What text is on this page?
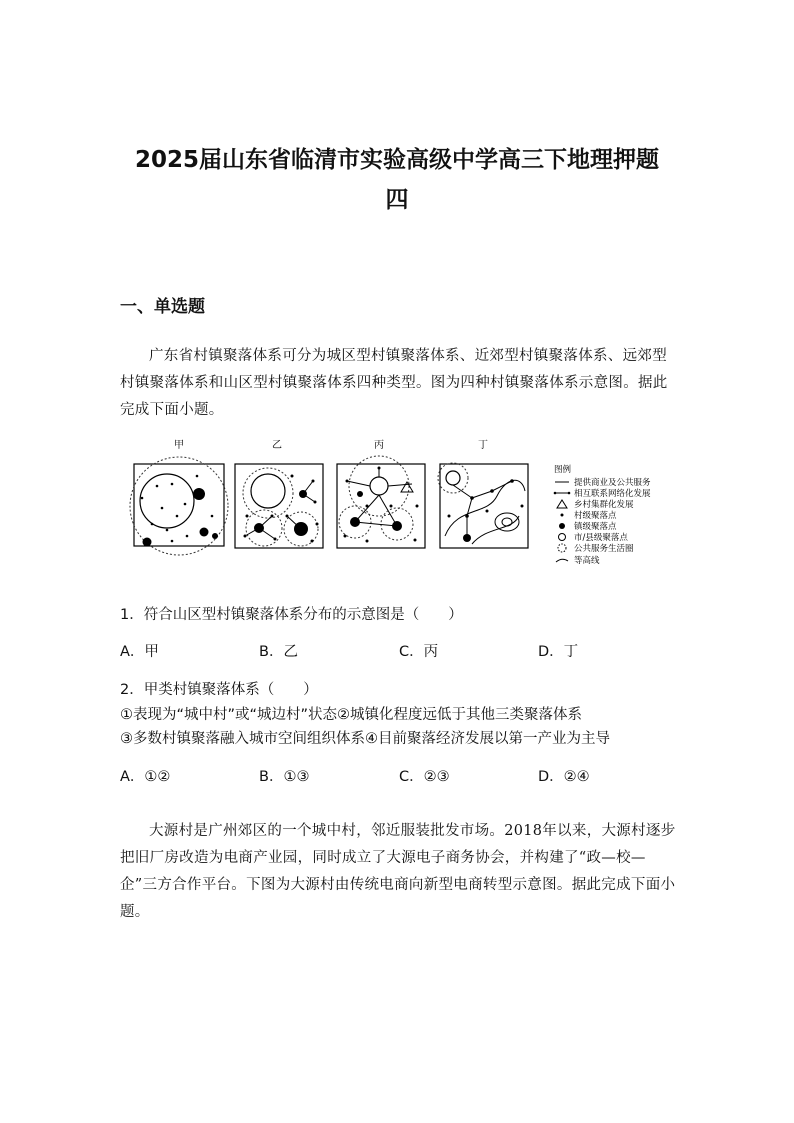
2025届山东省临清市实验高级中学高三下地理押题
四
一、单选题
广东省村镇聚落体系可分为城区型村镇聚落体系、近郊型村镇聚落体系、远郊型村镇聚落体系和山区型村镇聚落体系四种类型。图为四种村镇聚落体系示意图。据此完成下面小题。
甲	乙	丙	丁
图例
提供商业及公共服务
相互联系网络化发展
乡村集群化发展
村级聚落点
镇级聚落点
市/县级聚落点
公共服务生活圈
等高线
1．符合山区型村镇聚落体系分布的示意图是（　　）
A．甲	B．乙	C．丙	D．丁
2．甲类村镇聚落体系（　　）
①表现为“城中村”或“城边村”状态②城镇化程度远低于其他三类聚落体系
③多数村镇聚落融入城市空间组织体系④目前聚落经济发展以第一产业为主导
A．①②	B．①③	C．②③	D．②④
大源村是广州郊区的一个城中村，邻近服装批发市场。2018年以来，大源村逐步把旧厂房改造为电商产业园，同时成立了大源电子商务协会，并构建了“政—校—企”三方合作平台。下图为大源村由传统电商向新型电商转型示意图。据此完成下面小题。
